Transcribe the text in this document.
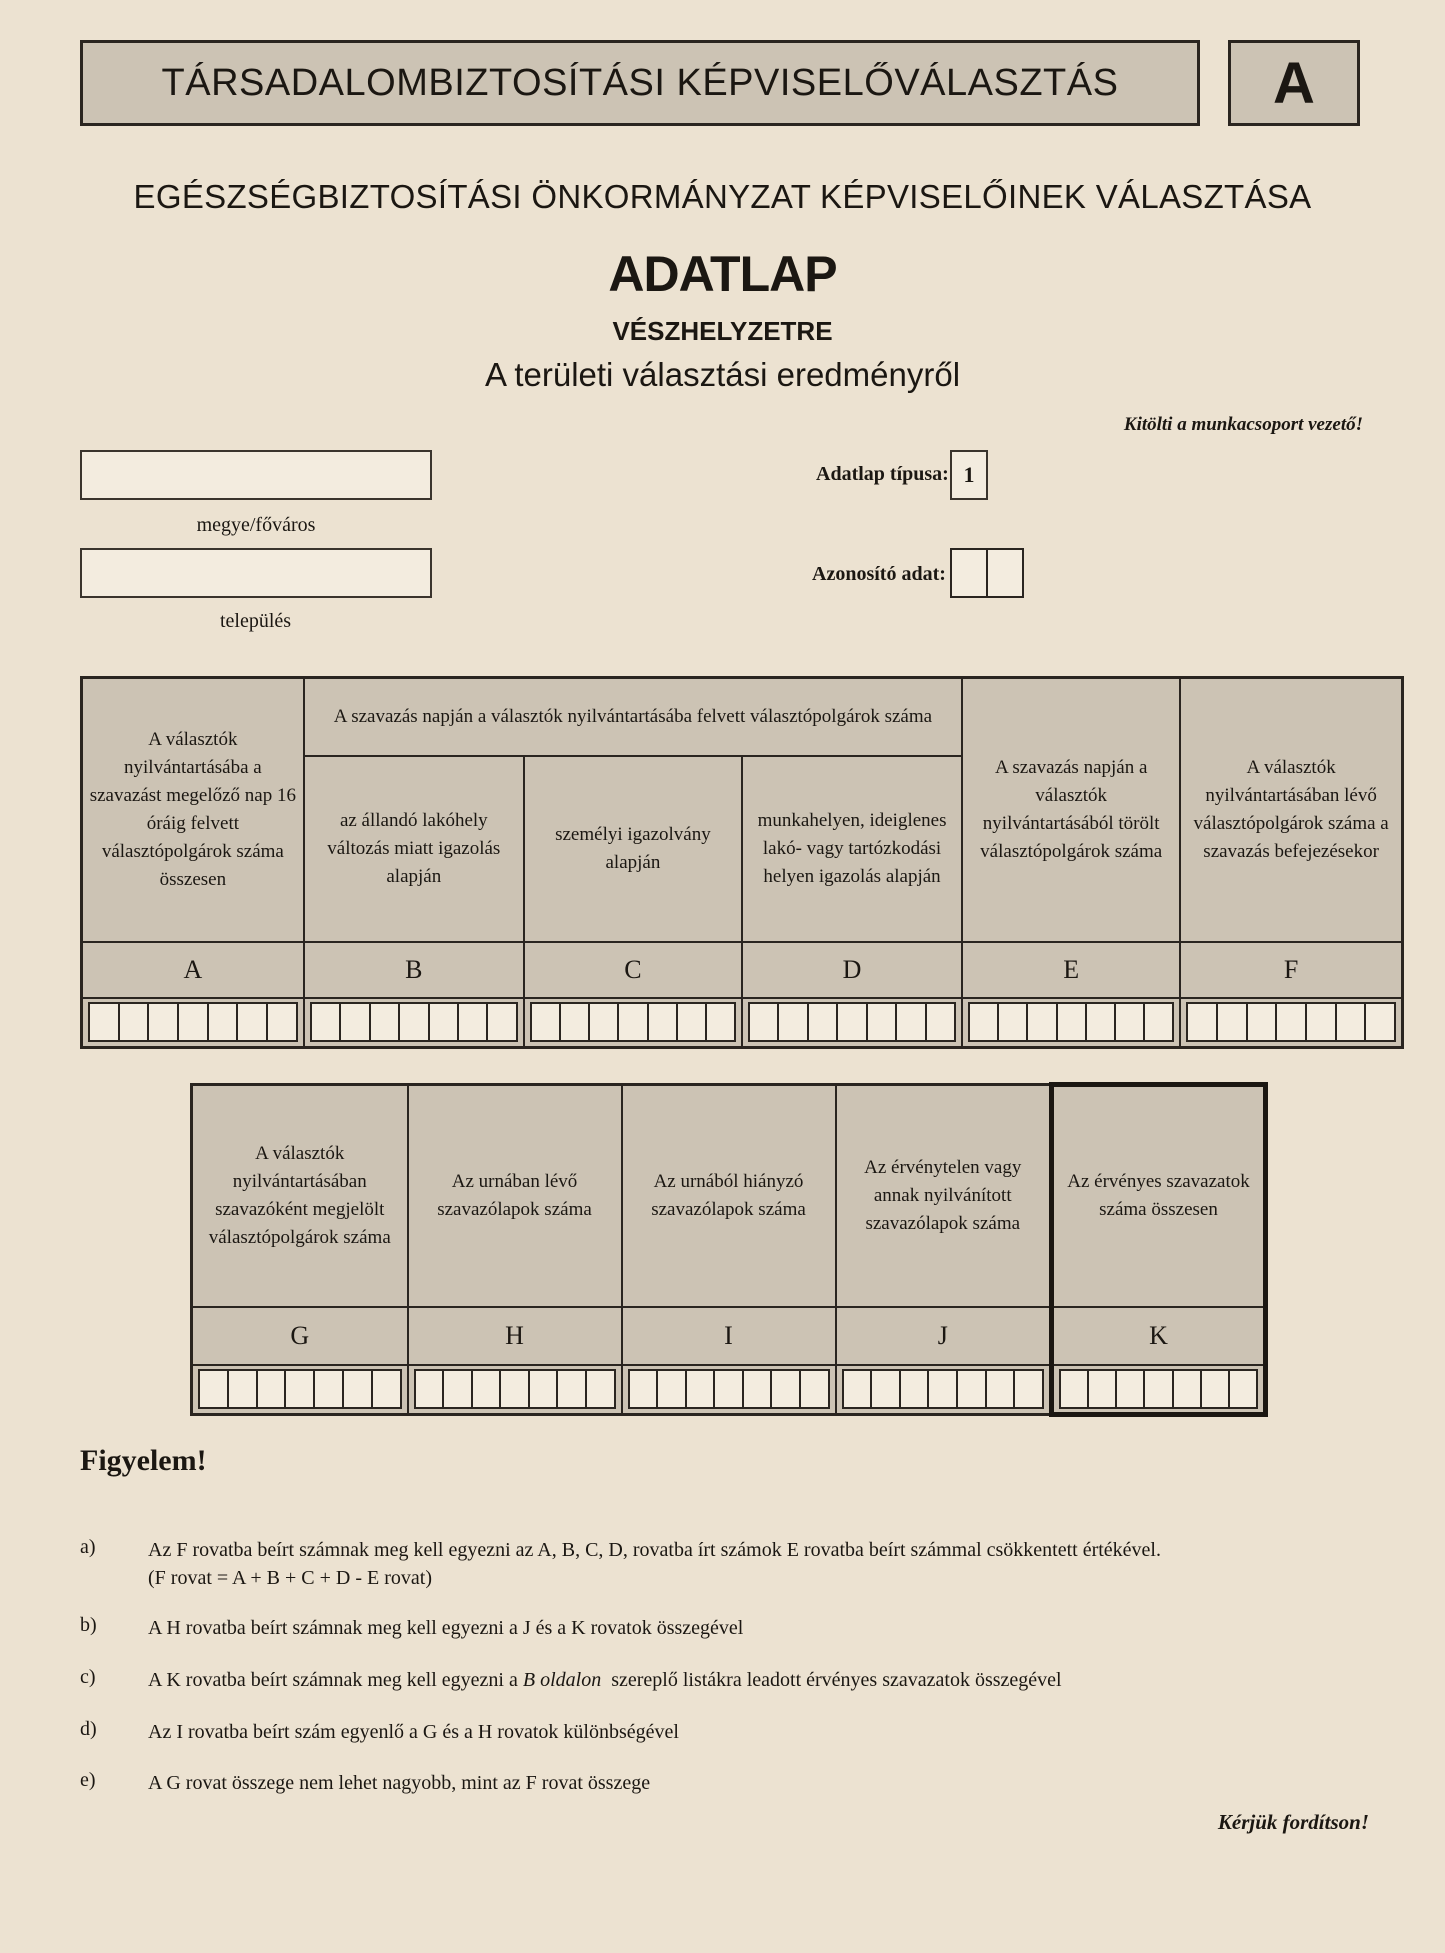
TÁRSADALOMBIZTOSÍTÁSI KÉPVISELŐVÁLASZTÁS	A
EGÉSZSÉGBIZTOSÍTÁSI ÖNKORMÁNYZAT KÉPVISELŐINEK VÁLASZTÁSA
ADATLAP
VÉSZHELYZETRE
A területi választási eredményről
Kitölti a munkacsoport vezető!
megye/főváros
település
Adatlap típusa: 1
Azonosító adat:
A választók nyilvántartásába a szavazást megelőző nap 16 óráig felvett választópolgárok száma összesen	A szavazás napján a választók nyilvántartásába felvett választópolgárok száma			A szavazás napján a választók nyilvántartásából törölt választópolgárok száma	A választók nyilvántartásában lévő választópolgárok száma a szavazás befejezésekor
	az állandó lakóhely változás miatt igazolás alapján	személyi igazolvány alapján	munkahelyen, ideiglenes lakó- vagy tartózkodási helyen igazolás alapján		
A	B	C	D	E	F

A választók nyilvántartásában szavazóként megjelölt választópolgárok száma	Az urnában lévő szavazólapok száma	Az urnából hiányzó szavazólapok száma	Az érvénytelen vagy annak nyilvánított szavazólapok száma	Az érvényes szavazatok száma összesen
G	H	I	J	K

Figyelem!
a)	Az F rovatba beírt számnak meg kell egyezni az A, B, C, D, rovatba írt számok E rovatba beírt számmal csökkentett értékével.
(F rovat = A + B + C + D - E rovat)
b)	A H rovatba beírt számnak meg kell egyezni a J és a K rovatok összegével
c)	A K rovatba beírt számnak meg kell egyezni a B oldalon  szereplő listákra leadott érvényes szavazatok összegével
d)	Az I rovatba beírt szám egyenlő a G és a H rovatok különbségével
e)	A G rovat összege nem lehet nagyobb, mint az F rovat összege
Kérjük fordítson!
